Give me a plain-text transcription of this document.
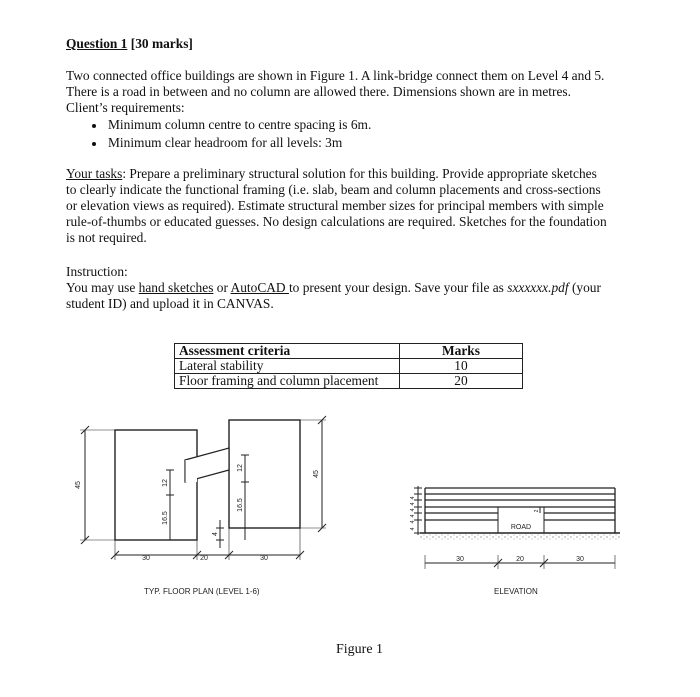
Question 1 [30 marks]
Two connected office buildings are shown in Figure 1. A link-bridge connect them on Level 4 and 5.
There is a road in between and no column are allowed there. Dimensions shown are in metres.
Client’s requirements:
Minimum column centre to centre spacing is 6m.
Minimum clear headroom for all levels: 3m
Your tasks: Prepare a preliminary structural solution for this building. Provide appropriate sketches
to clearly indicate the functional framing (i.e. slab, beam and column placements and cross-sections
or elevation views as required). Estimate structural member sizes for principal members with simple
rule-of-thumbs or educated guesses. No design calculations are required. Sketches for the foundation
is not required.
Instruction:
You may use hand sketches or AutoCAD to present your design. Save your file as sxxxxxx.pdf (your
student ID) and upload it in CANVAS.
Assessment criteria	Marks
Lateral stability	10
Floor framing and column placement	20
45	12
16.5
4
12
16.5
45
30	20	30
4
4
4
4
4
4
2
ROAD
30	20	30
TYP. FLOOR PLAN (LEVEL 1-6)	ELEVATION
Figure 1
